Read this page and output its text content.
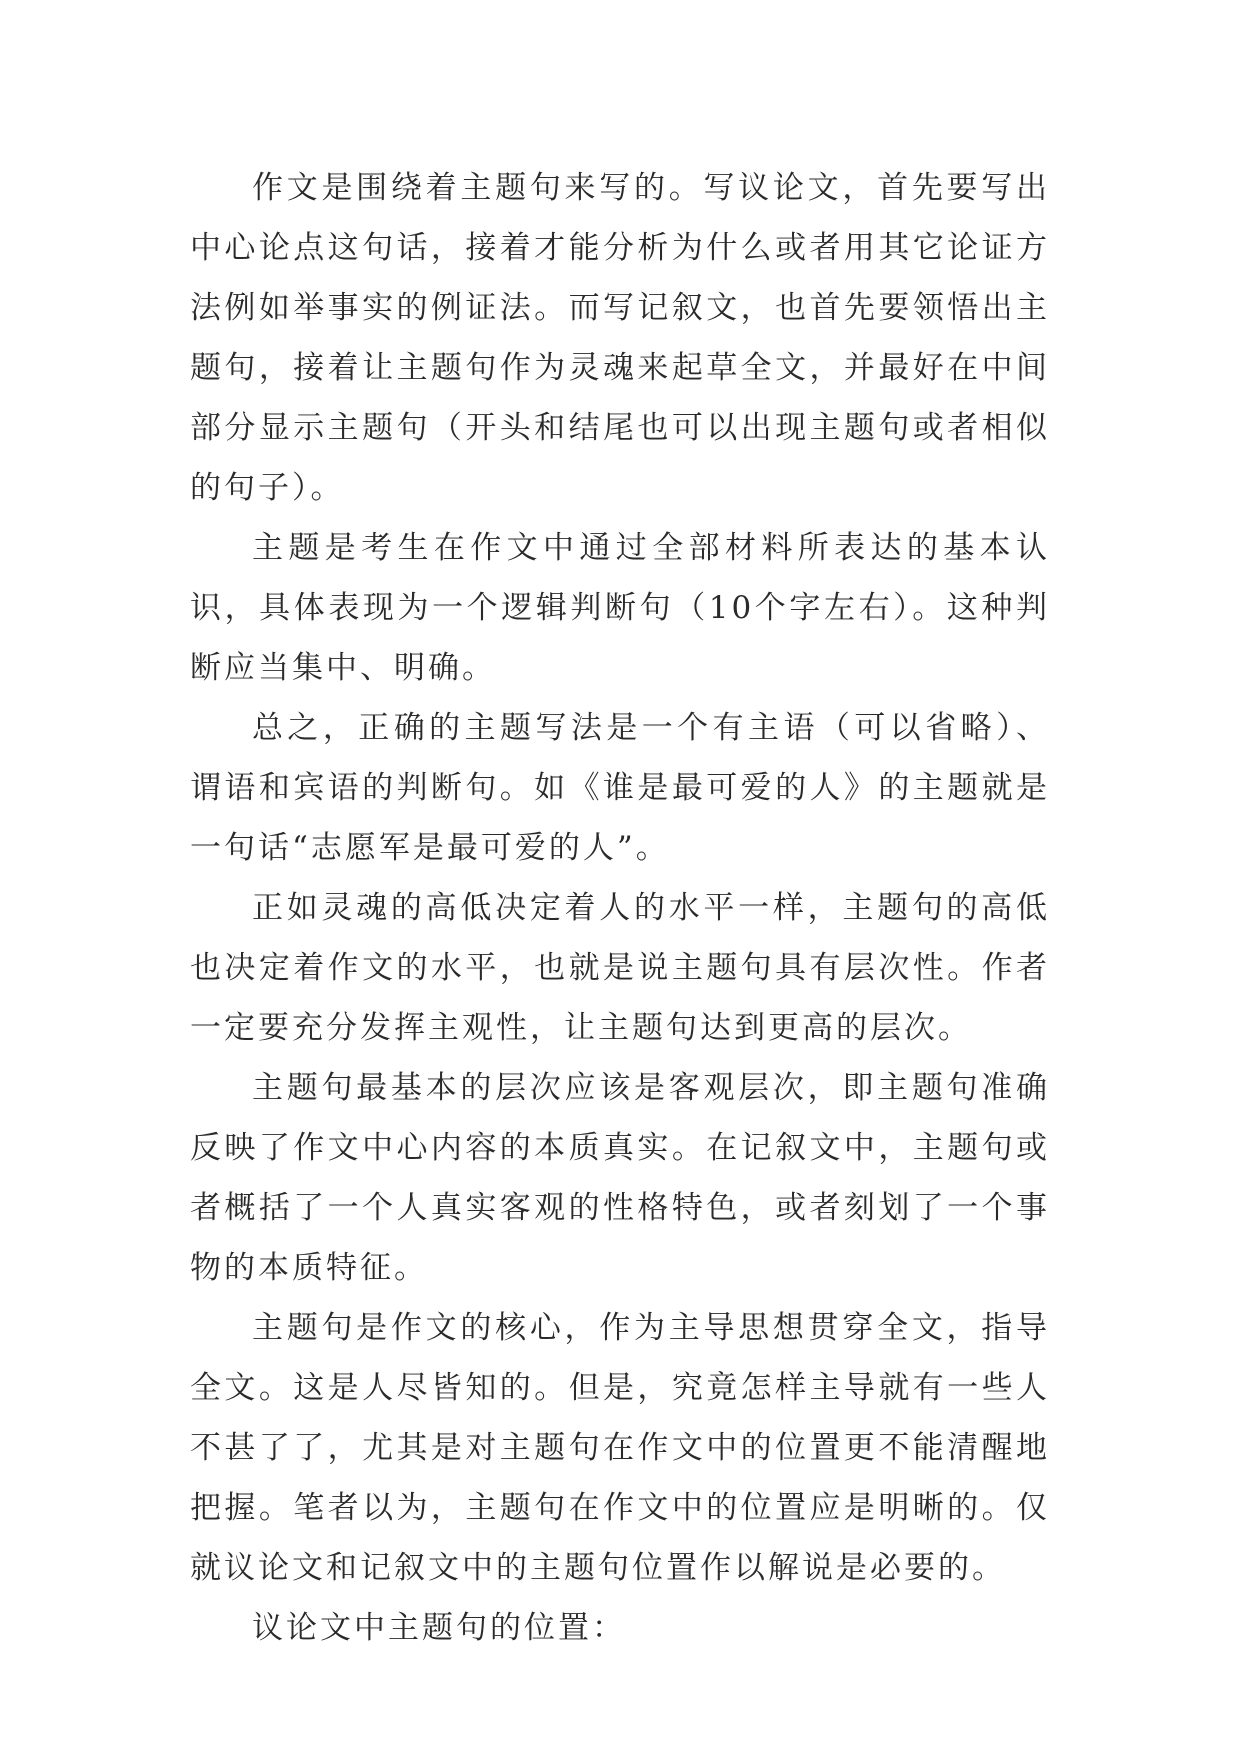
作文是围绕着主题句来写的。写议论文，首先要写出中心论点这句话，接着才能分析为什么或者用其它论证方法例如举事实的例证法。而写记叙文，也首先要领悟出主题句，接着让主题句作为灵魂来起草全文，并最好在中间部分显示主题句（开头和结尾也可以出现主题句或者相似的句子）。

主题是考生在作文中通过全部材料所表达的基本认识，具体表现为一个逻辑判断句（10个字左右）。这种判断应当集中、明确。

总之，正确的主题写法是一个有主语（可以省略）、谓语和宾语的判断句。如《谁是最可爱的人》的主题就是一句话“志愿军是最可爱的人”。

正如灵魂的高低决定着人的水平一样，主题句的高低也决定着作文的水平，也就是说主题句具有层次性。作者一定要充分发挥主观性，让主题句达到更高的层次。

主题句最基本的层次应该是客观层次，即主题句准确反映了作文中心内容的本质真实。在记叙文中，主题句或者概括了一个人真实客观的性格特色，或者刻划了一个事物的本质特征。

主题句是作文的核心，作为主导思想贯穿全文，指导全文。这是人尽皆知的。但是，究竟怎样主导就有一些人不甚了了，尤其是对主题句在作文中的位置更不能清醒地把握。笔者以为，主题句在作文中的位置应是明晰的。仅就议论文和记叙文中的主题句位置作以解说是必要的。

议论文中主题句的位置：
